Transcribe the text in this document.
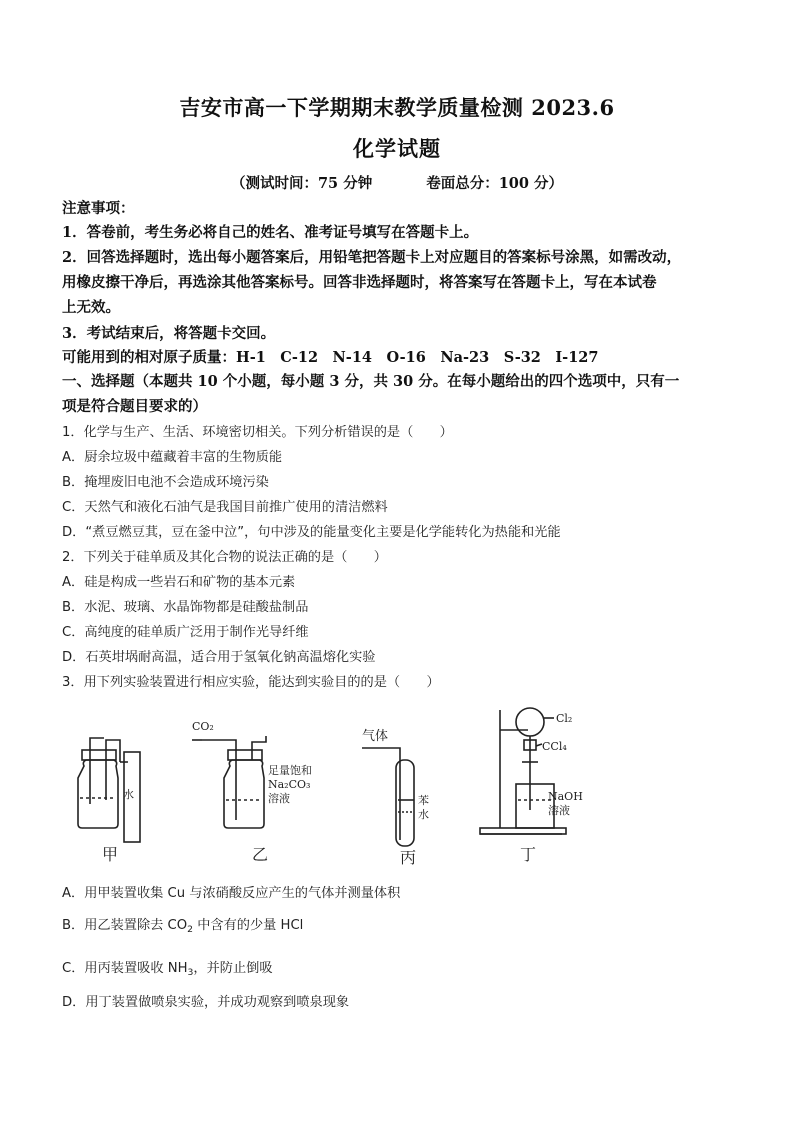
吉安市高一下学期期末教学质量检测 2023.6
化学试题
（测试时间：75 分钟	卷面总分：100 分）
注意事项：
1．答卷前，考生务必将自己的姓名、准考证号填写在答题卡上。
2．回答选择题时，选出每小题答案后，用铅笔把答题卡上对应题目的答案标号涂黑，如需改动，
用橡皮擦干净后，再选涂其他答案标号。回答非选择题时，将答案写在答题卡上，写在本试卷
上无效。
3．考试结束后，将答题卡交回。
可能用到的相对原子质量：H-1　C-12　N-14　O-16　Na-23　S-32　I-127
一、选择题（本题共 10 个小题，每小题 3 分，共 30 分。在每小题给出的四个选项中，只有一
项是符合题目要求的）
1．化学与生产、生活、环境密切相关。下列分析错误的是（　　）
A．厨余垃圾中蕴藏着丰富的生物质能
B．掩埋废旧电池不会造成环境污染
C．天然气和液化石油气是我国目前推广使用的清洁燃料
D．“煮豆燃豆萁，豆在釜中泣”，句中涉及的能量变化主要是化学能转化为热能和光能
2．下列关于硅单质及其化合物的说法正确的是（　　）
A．硅是构成一些岩石和矿物的基本元素
B．水泥、玻璃、水晶饰物都是硅酸盐制品
C．高纯度的硅单质广泛用于制作光导纤维
D．石英坩埚耐高温，适合用于氢氧化钠高温熔化实验
3．用下列实验装置进行相应实验，能达到实验目的的是（　　）
水
CO₂
足量饱和
Na₂CO₃
溶液
气体
苯
水
Cl₂
CCl₄
NaOH
溶液
甲	乙	丙	丁
A．用甲装置收集 Cu 与浓硝酸反应产生的气体并测量体积
B．用乙装置除去 $CO_2$ 中含有的少量 HCl
C．用丙装置吸收 $NH_3$，并防止倒吸
D．用丁装置做喷泉实验，并成功观察到喷泉现象
